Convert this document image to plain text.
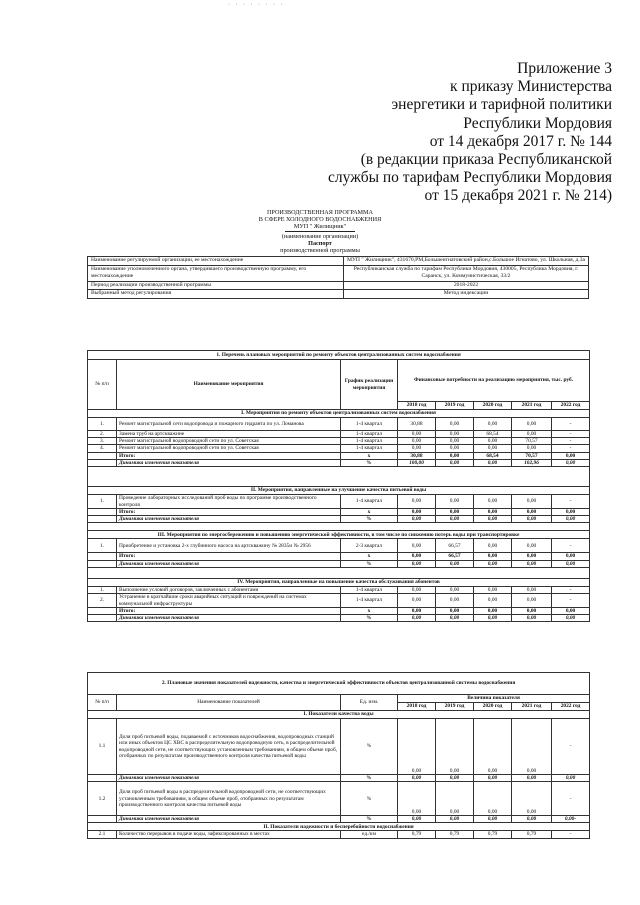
· · · · · · · ·
Приложение 3
к приказу Министерства
энергетики и тарифной политики
Республики Мордовия
от 14 декабря 2017 г. № 144
(в редакции приказа Республиканской
службы по тарифам Республики Мордовия
от 15 декабря 2021 г. № 214)
ПРОИЗВОДСТВЕННАЯ ПРОГРАММА
В СФЕРЕ ХОЛОДНОГО ВОДОСНАБЖЕНИЯ
МУП " Жилищник"
(наименование организации)
Паспорт
производственной программы
Наименование регулируемой организации, ее местонахождение	МУП " Жилищник", 431670,РМ,Большеигнатовский район,с.Большое Игнатово, ул. Школьная, д.3а
Наименование уполномоченного органа, утвердившего производственную программу, его местонахождение	Республиканская служба по тарифам Республики Мордовия, 430005, Республика Мордовия, г. Саранск, ул. Коммунистическая, 33/2
Период реализации производственной программы	2018-2022
Выбранный метод регулирования	Метод индексации
1. Перечень плановых мероприятий по ремонту объектов централизованных систем водоснабжения							
№ п/п	Наименование мероприятия	График реализации мероприятия	Финансовые потребности на реализацию мероприятия, тыс. руб.				
			2018 год	2019 год	2020 год	2021 год	2022 год
I. Мероприятия по ремонту объектов централизованных систем водоснабжения							
1.	Ремонт магистральной сети водопровода и пожарного гидранта по ул. Ломанова	1-4 квартал	30,88	0,00	0,00	0,00	-
2.	Замена труб на артскважине	1-4 квартал	0,00	0,00	68,54	0,00	-
3.	Ремонт магистральной водопроводной сети по ул. Советская	1-4 квартал	0,00	0,00	0,00	70,57	-
4.	Ремонт магистральной водопроводной сети по ул. Советская	1-4 квартал	0,00	0,00	0,00	0,00	-
	Итого:	x	30,88	0,00	68,54	70,57	0,00
	Динамика изменения показателя	%	100,00	0,00	0,00	102,96	0,00

II. Мероприятия, направленные на улучшение качества питьевой воды							
1.	Проведение лабораторных исследований проб воды по программе производственного контроля	1-4 квартал	0,00	0,00	0,00	0,00	-
	Итого:	x	0,00	0,00	0,00	0,00	0,00
	Динамика изменения показателя	%	0,00	0,00	0,00	0,00	0,00

III. Мероприятия по энергосбережению и повышению энергетической эффективности, в том числе по снижению потерь воды при транспортировке							
1.	Приобретение и установка 2-х глубинного насоса на артскважину № 2835и № 2956	2-3 квартал	0,00	66,57	0,00	0,00	-
	Итого:	x	0,00	66,57	0,00	0,00	0,00
	Динамика изменения показателя	%	0,00	0,00	0,00	0,00	0,00

IV. Мероприятия, направленные на повышение качества обслуживания абонентов							
1.	Выполнение условий договоров, заключенных с абонентами	1-4 квартал	0,00	0,00	0,00	0,00	-
2.	Устранение в кратчайшие сроки аварийных ситуаций и повреждений на системах коммунальной инфраструктуры	1-4 квартал	0,00	0,00	0,00	0,00	-
	Итого:	x	0,00	0,00	0,00	0,00	0,00
	Динамика изменения показателя	%	0,00	0,00	0,00	0,00	0,00
2. Плановые значения показателей надежности, качества и энергетической эффективности объектов централизованной системы водоснабжения							
№ п/п	Наименование показателей	Ед. изм.	Величина показателя				
			2018 год	2019 год	2020 год	2021 год	2022 год
I. Показатели качества воды							
1.1	Доля проб питьевой воды, подаваемой с источников водоснабжения, водопроводных станций или иных объектов ЦС ХВС в распределительную водопроводную сеть, в распределительной водопроводной сети, не соответствующих установленным требованиям, в общем объеме проб, отобранных по результатам производственного контроля качества питьевой воды	%	0,00	0,00	0,00	0,00	-
	Динамика изменения показателя	%	0,00	0,00	0,00	0,00	0,00
1.2	Доля проб питьевой воды в распределительной водопроводной сети, не соответствующих установленным требованиям, в общем объеме проб, отобранных по результатам производственного контроля качества питьевой воды	%	0,00	0,00	0,00	0,00	-
	Динамика изменения показателя	%	0,00	0,00	0,00	0,00	0,00-
II. Показатели надежности и бесперебойности водоснабжения							
2.1	Количество перерывов в подаче воды, зафиксированных в местах	ед./км	0,79	0,79	0,79	0,79	-
